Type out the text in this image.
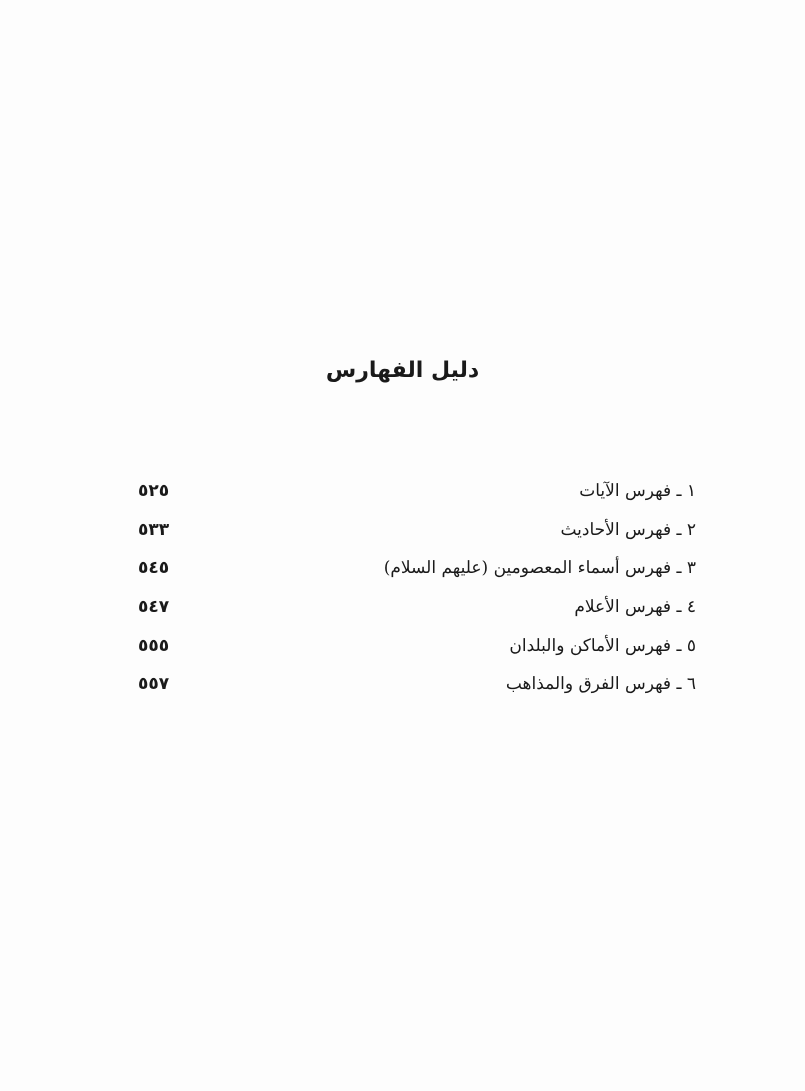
دليل الفهارس
٥٢٥	١ ـ فهرس الآيات
٥٣٣	٢ ـ فهرس الأحاديث
٥٤٥	٣ ـ فهرس أسماء المعصومين (عليهم السلام)
٥٤٧	٤ ـ فهرس الأعلام
٥٥٥	٥ ـ فهرس الأماكن والبلدان
٥٥٧	٦ ـ فهرس الفرق والمذاهب
